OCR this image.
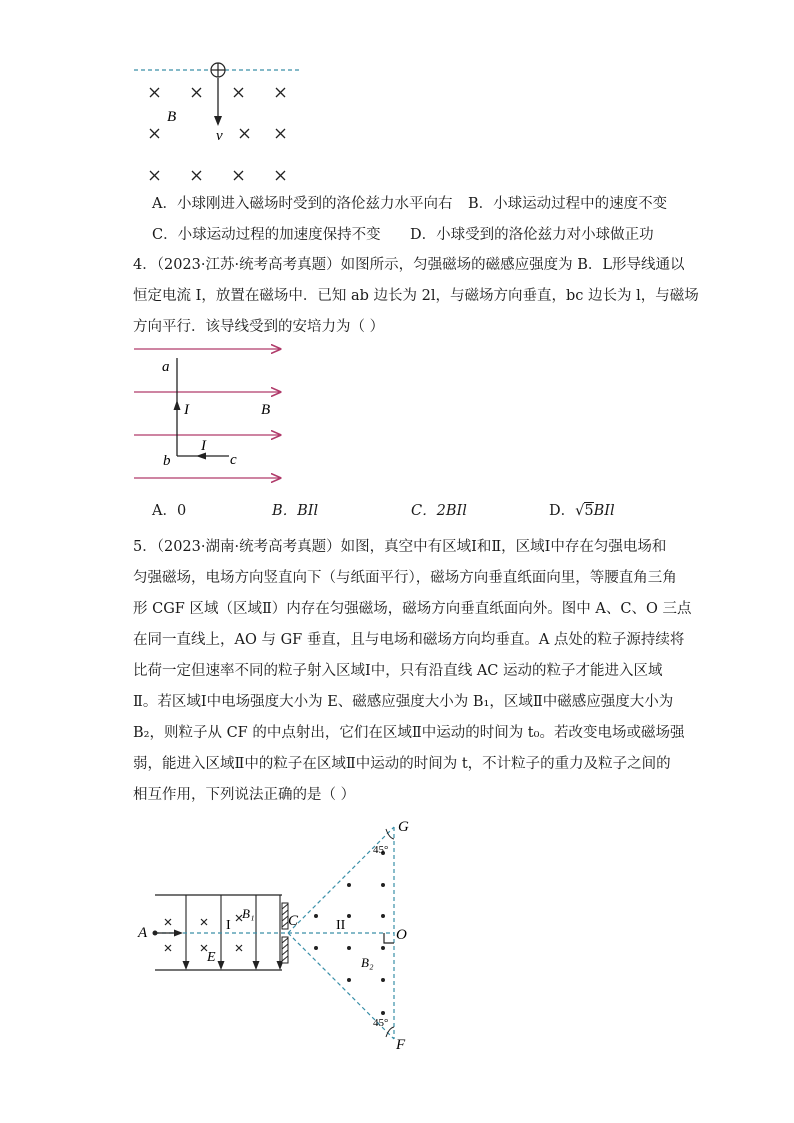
B
v
A．小球刚进入磁场时受到的洛伦兹力水平向右 B．小球运动过程中的速度不变
C．小球运动过程的加速度保持不变 D．小球受到的洛伦兹力对小球做正功
4．（2023·江苏·统考高考真题）如图所示，匀强磁场的磁感应强度为 B．L形导线通以
恒定电流 I，放置在磁场中．已知 ab 边长为 2l，与磁场方向垂直，bc 边长为 l，与磁场
方向平行．该导线受到的安培力为（ ）
a
I	B
I
b	c
A．0	B．BIl	C．2BIl	D．√5BIl
5．（2023·湖南·统考高考真题）如图，真空中有区域Ⅰ和Ⅱ，区域Ⅰ中存在匀强电场和
匀强磁场，电场方向竖直向下（与纸面平行），磁场方向垂直纸面向里，等腰直角三角
形 CGF 区域（区域Ⅱ）内存在匀强磁场，磁场方向垂直纸面向外。图中 A、C、O 三点
在同一直线上，AO 与 GF 垂直，且与电场和磁场方向均垂直。A 点处的粒子源持续将
比荷一定但速率不同的粒子射入区域Ⅰ中，只有沿直线 AC 运动的粒子才能进入区域
Ⅱ。若区域Ⅰ中电场强度大小为 E、磁感应强度大小为 B₁，区域Ⅱ中磁感应强度大小为
B₂，则粒子从 CF 的中点射出，它们在区域Ⅱ中运动的时间为 t₀。若改变电场或磁场强
弱，能进入区域Ⅱ中的粒子在区域Ⅱ中运动的时间为 t，不计粒子的重力及粒子之间的
相互作用，下列说法正确的是（ ）
A
C
O
G
F
E
B₁
B₂
I	II
45°
45°
